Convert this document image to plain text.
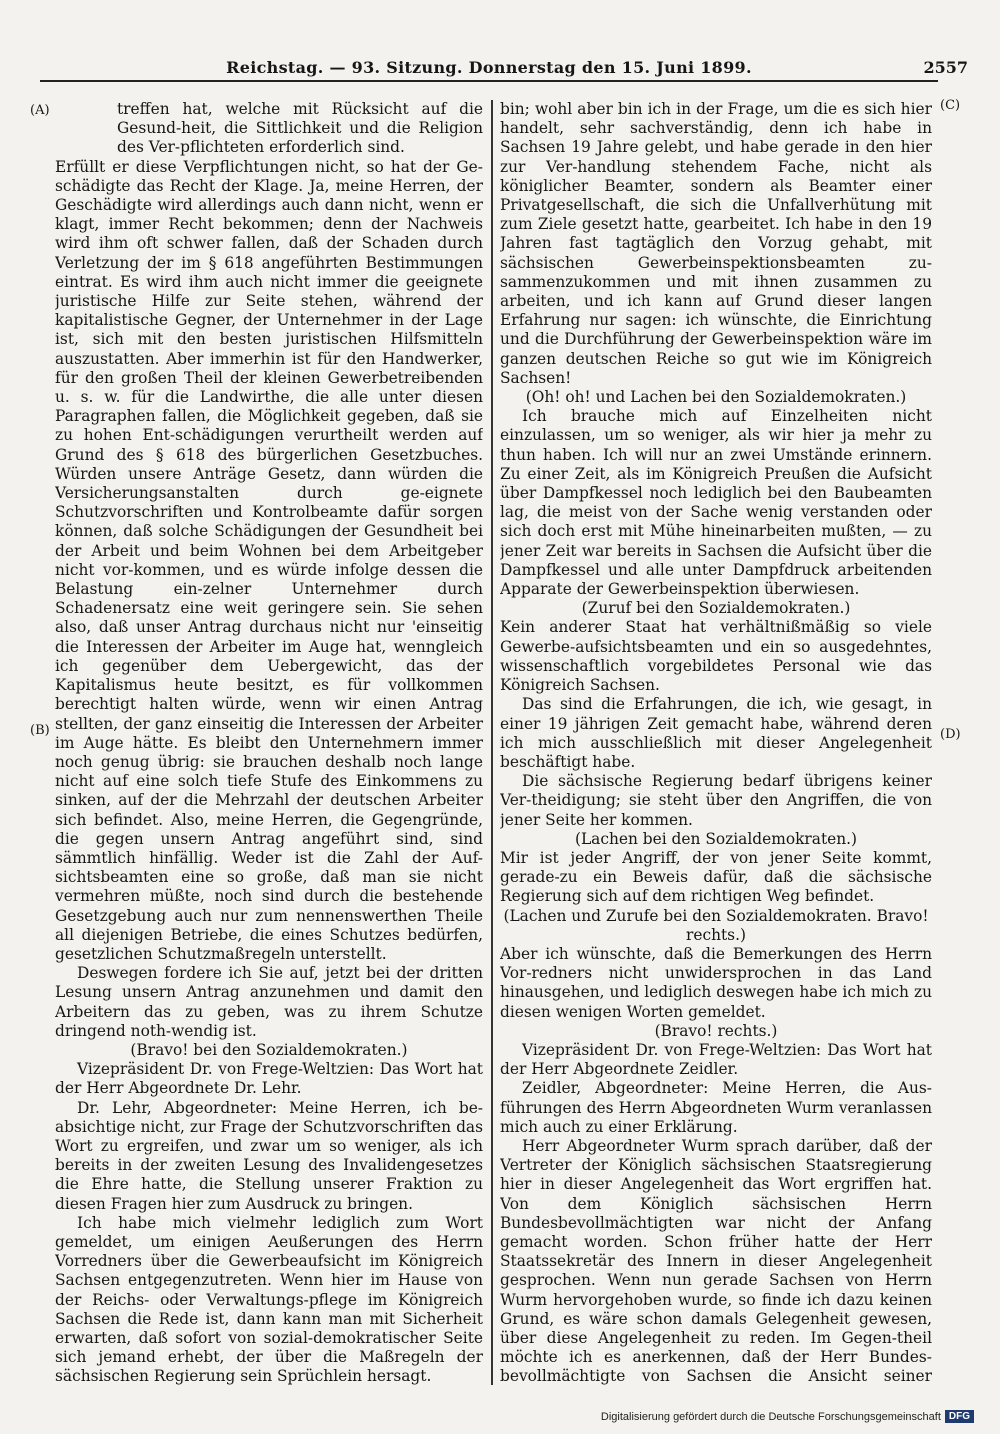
Reichstag. — 93. Sitzung. Donnerstag den 15. Juni 1899.	2557
(A)
(B)
(C)
(D)

treffen hat, welche mit Rücksicht auf die Gesund-heit, die Sittlichkeit und die Religion des Ver-pflichteten erforderlich sind.

Erfüllt er diese Verpflichtungen nicht, so hat der Ge-schädigte das Recht der Klage. Ja, meine Herren, der Geschädigte wird allerdings auch dann nicht, wenn er klagt, immer Recht bekommen; denn der Nachweis wird ihm oft schwer fallen, daß der Schaden durch Verletzung der im § 618 angeführten Bestimmungen eintrat. Es wird ihm auch nicht immer die geeignete juristische Hilfe zur Seite stehen, während der kapitalistische Gegner, der Unternehmer in der Lage ist, sich mit den besten juristischen Hilfsmitteln auszustatten. Aber immerhin ist für den Handwerker, für den großen Theil der kleinen Gewerbetreibenden u. s. w. für die Landwirthe, die alle unter diesen Paragraphen fallen, die Möglichkeit gegeben, daß sie zu hohen Ent-schädigungen verurtheilt werden auf Grund des § 618 des bürgerlichen Gesetzbuches. Würden unsere Anträge Gesetz, dann würden die Versicherungsanstalten durch ge-eignete Schutzvorschriften und Kontrolbeamte dafür sorgen können, daß solche Schädigungen der Gesundheit bei der Arbeit und beim Wohnen bei dem Arbeitgeber nicht vor-kommen, und es würde infolge dessen die Belastung ein-zelner Unternehmer durch Schadenersatz eine weit geringere sein. Sie sehen also, daß unser Antrag durchaus nicht nur 'einseitig die Interessen der Arbeiter im Auge hat, wenngleich ich gegenüber dem Uebergewicht, das der Kapitalismus heute besitzt, es für vollkommen berechtigt halten würde, wenn wir einen Antrag stellten, der ganz einseitig die Interessen der Arbeiter im Auge hätte. Es bleibt den Unternehmern immer noch genug übrig: sie brauchen deshalb noch lange nicht auf eine solch tiefe Stufe des Einkommens zu sinken, auf der die Mehrzahl der deutschen Arbeiter sich befindet. Also, meine Herren, die Gegengründe, die gegen unsern Antrag angeführt sind, sind sämmtlich hinfällig. Weder ist die Zahl der Auf-sichtsbeamten eine so große, daß man sie nicht vermehren müßte, noch sind durch die bestehende Gesetzgebung auch nur zum nennenswerthen Theile all diejenigen Betriebe, die eines Schutzes bedürfen, gesetzlichen Schutzmaßregeln unterstellt.

Deswegen fordere ich Sie auf, jetzt bei der dritten Lesung unsern Antrag anzunehmen und damit den Arbeitern das zu geben, was zu ihrem Schutze dringend noth-wendig ist.

(Bravo! bei den Sozialdemokraten.)

Vizepräsident Dr. von Frege-Weltzien: Das Wort hat der Herr Abgeordnete Dr. Lehr.

Dr. Lehr, Abgeordneter: Meine Herren, ich be-absichtige nicht, zur Frage der Schutzvorschriften das Wort zu ergreifen, und zwar um so weniger, als ich bereits in der zweiten Lesung des Invalidengesetzes die Ehre hatte, die Stellung unserer Fraktion zu diesen Fragen hier zum Ausdruck zu bringen.

Ich habe mich vielmehr lediglich zum Wort gemeldet, um einigen Aeußerungen des Herrn Vorredners über die Gewerbeaufsicht im Königreich Sachsen entgegenzutreten. Wenn hier im Hause von der Reichs- oder Verwaltungs-pflege im Königreich Sachsen die Rede ist, dann kann man mit Sicherheit erwarten, daß sofort von sozial-demokratischer Seite sich jemand erhebt, der über die Maßregeln der sächsischen Regierung sein Sprüchlein hersagt.

bin; wohl aber bin ich in der Frage, um die es sich hier handelt, sehr sachverständig, denn ich habe in Sachsen 19 Jahre gelebt, und habe gerade in den hier zur Ver-handlung stehendem Fache, nicht als königlicher Beamter, sondern als Beamter einer Privatgesellschaft, die sich die Unfallverhütung mit zum Ziele gesetzt hatte, gearbeitet. Ich habe in den 19 Jahren fast tagtäglich den Vorzug gehabt, mit sächsischen Gewerbeinspektionsbeamten zu-sammenzukommen und mit ihnen zusammen zu arbeiten, und ich kann auf Grund dieser langen Erfahrung nur sagen: ich wünschte, die Einrichtung und die Durchführung der Gewerbeinspektion wäre im ganzen deutschen Reiche so gut wie im Königreich Sachsen!

(Oh! oh! und Lachen bei den Sozialdemokraten.)

Ich brauche mich auf Einzelheiten nicht einzulassen, um so weniger, als wir hier ja mehr zu thun haben. Ich will nur an zwei Umstände erinnern. Zu einer Zeit, als im Königreich Preußen die Aufsicht über Dampfkessel noch lediglich bei den Baubeamten lag, die meist von der Sache wenig verstanden oder sich doch erst mit Mühe hineinarbeiten mußten, — zu jener Zeit war bereits in Sachsen die Aufsicht über die Dampfkessel und alle unter Dampfdruck arbeitenden Apparate der Gewerbeinspektion überwiesen.

(Zuruf bei den Sozialdemokraten.)

Kein anderer Staat hat verhältnißmäßig so viele Gewerbe-aufsichtsbeamten und ein so ausgedehntes, wissenschaftlich vorgebildetes Personal wie das Königreich Sachsen.

Das sind die Erfahrungen, die ich, wie gesagt, in einer 19 jährigen Zeit gemacht habe, während deren ich mich ausschließlich mit dieser Angelegenheit beschäftigt habe.

Die sächsische Regierung bedarf übrigens keiner Ver-theidigung; sie steht über den Angriffen, die von jener Seite her kommen.

(Lachen bei den Sozialdemokraten.)

Mir ist jeder Angriff, der von jener Seite kommt, gerade-zu ein Beweis dafür, daß die sächsische Regierung sich auf dem richtigen Weg befindet.

(Lachen und Zurufe bei den Sozialdemokraten. Bravo! rechts.)

Aber ich wünschte, daß die Bemerkungen des Herrn Vor-redners nicht unwidersprochen in das Land hinausgehen, und lediglich deswegen habe ich mich zu diesen wenigen Worten gemeldet.

(Bravo! rechts.)

Vizepräsident Dr. von Frege-Weltzien: Das Wort hat der Herr Abgeordnete Zeidler.

Zeidler, Abgeordneter: Meine Herren, die Aus-führungen des Herrn Abgeordneten Wurm veranlassen mich auch zu einer Erklärung.

Herr Abgeordneter Wurm sprach darüber, daß der Vertreter der Königlich sächsischen Staatsregierung hier in dieser Angelegenheit das Wort ergriffen hat. Von dem Königlich sächsischen Herrn Bundesbevollmächtigten war nicht der Anfang gemacht worden. Schon früher hatte der Herr Staatssekretär des Innern in dieser Angelegenheit gesprochen. Wenn nun gerade Sachsen von Herrn Wurm hervorgehoben wurde, so finde ich dazu keinen Grund, es wäre schon damals Gelegenheit gewesen, über diese Angelegenheit zu reden. Im Gegen-theil möchte ich es anerkennen, daß der Herr Bundes-bevollmächtigte von Sachsen die Ansicht seiner

Digitalisierung gefördert durch die Deutsche Forschungsgemeinschaft DFG
